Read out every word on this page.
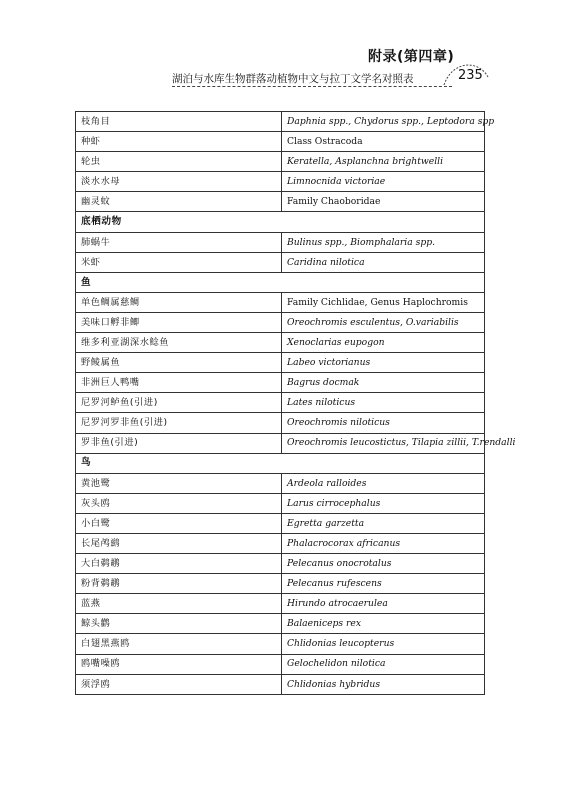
附录(第四章)
湖泊与水库生物群落动植物中文与拉丁文学名对照表	235
枝角目	Daphnia spp., Chydorus spp., Leptodora spp
种虾	Class Ostracoda
轮虫	Keratella, Asplanchna brightwelli
淡水水母	Limnocnida victoriae
幽灵蚊	Family Chaoboridae
底栖动物	
肺蜗牛	Bulinus spp., Biomphalaria spp.
米虾	Caridina nilotica
鱼	
单色鲷属慈鲷	Family Cichlidae, Genus Haplochromis
美味口孵非鲫	Oreochromis esculentus, O.variabilis
维多利亚湖深水鲶鱼	Xenoclarias eupogon
野鲮属鱼	Labeo victorianus
非洲巨人鸭嘴	Bagrus docmak
尼罗河鲈鱼(引进)	Lates niloticus
尼罗河罗非鱼(引进)	Oreochromis niloticus
罗非鱼(引进)	Oreochromis leucostictus, Tilapia zillii, T.rendalli
鸟	
黄池鹭	Ardeola ralloides
灰头鸥	Larus cirrocephalus
小白鹭	Egretta garzetta
长尾鸬鹚	Phalacrocorax africanus
大白鹈鹕	Pelecanus onocrotalus
粉背鹈鹕	Pelecanus rufescens
蓝燕	Hirundo atrocaerulea
鲸头鹳	Balaeniceps rex
白翅黑燕鸥	Chlidonias leucopterus
鸥嘴噪鸥	Gelochelidon nilotica
须浮鸥	Chlidonias hybridus
